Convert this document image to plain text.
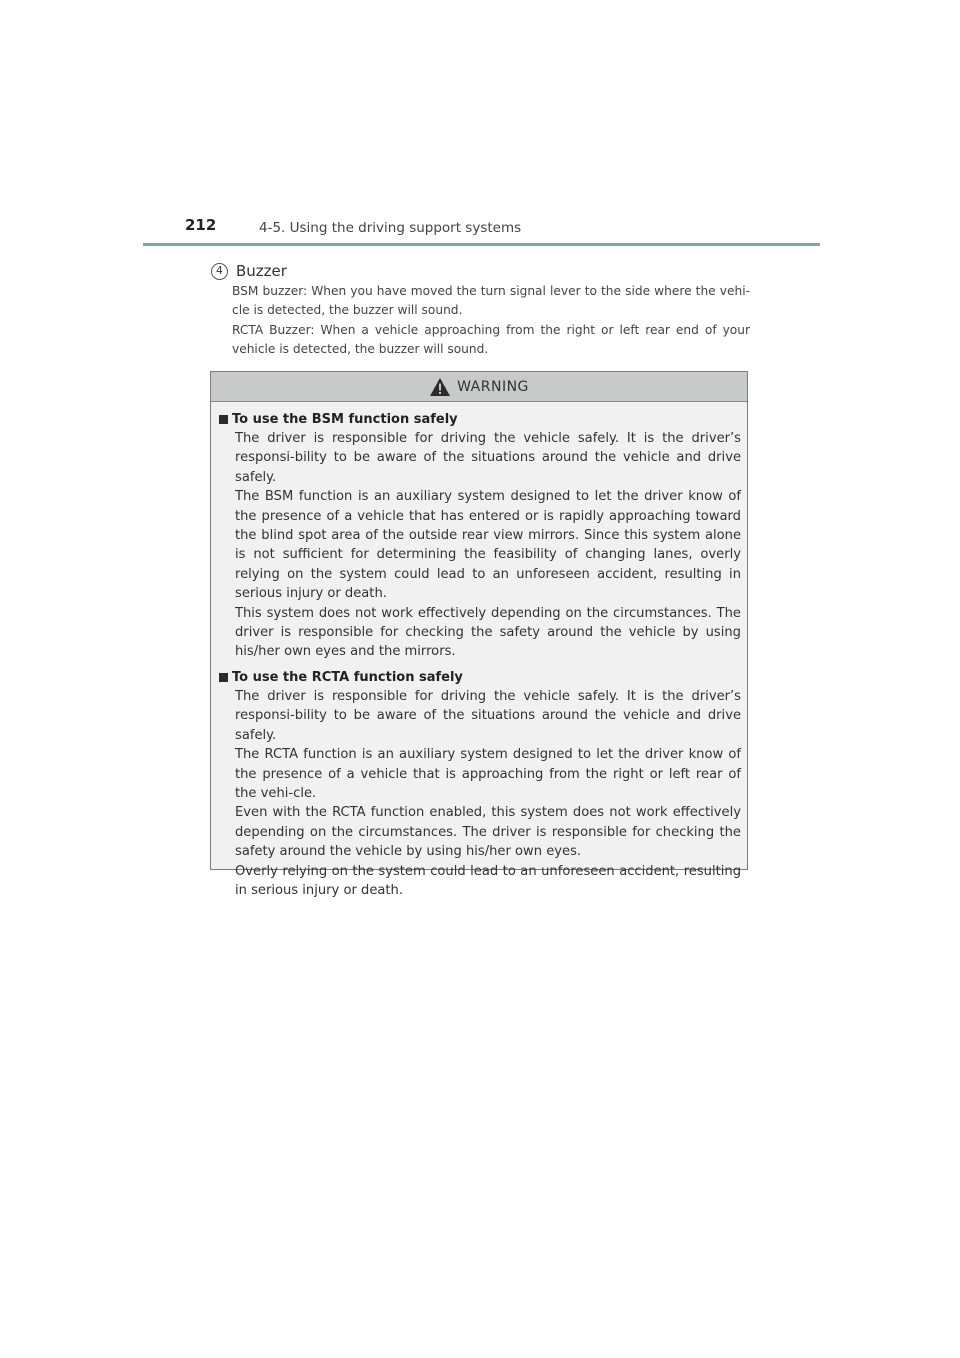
212	4-5. Using the driving support systems
4 Buzzer

BSM buzzer: When you have moved the turn signal lever to the side where the vehi-cle is detected, the buzzer will sound.

RCTA Buzzer: When a vehicle approaching from the right or left rear end of your vehicle is detected, the buzzer will sound.

WARNING
To use the BSM function safely

The driver is responsible for driving the vehicle safely. It is the driver’s responsi-bility to be aware of the situations around the vehicle and drive safely.

The BSM function is an auxiliary system designed to let the driver know of the presence of a vehicle that has entered or is rapidly approaching toward the blind spot area of the outside rear view mirrors. Since this system alone is not sufficient for determining the feasibility of changing lanes, overly relying on the system could lead to an unforeseen accident, resulting in serious injury or death.

This system does not work effectively depending on the circumstances. The driver is responsible for checking the safety around the vehicle by using his/her own eyes and the mirrors.

To use the RCTA function safely

The driver is responsible for driving the vehicle safely. It is the driver’s responsi-bility to be aware of the situations around the vehicle and drive safely.

The RCTA function is an auxiliary system designed to let the driver know of the presence of a vehicle that is approaching from the right or left rear of the vehi-cle.

Even with the RCTA function enabled, this system does not work effectively depending on the circumstances. The driver is responsible for checking the safety around the vehicle by using his/her own eyes.

Overly relying on the system could lead to an unforeseen accident, resulting in serious injury or death.
